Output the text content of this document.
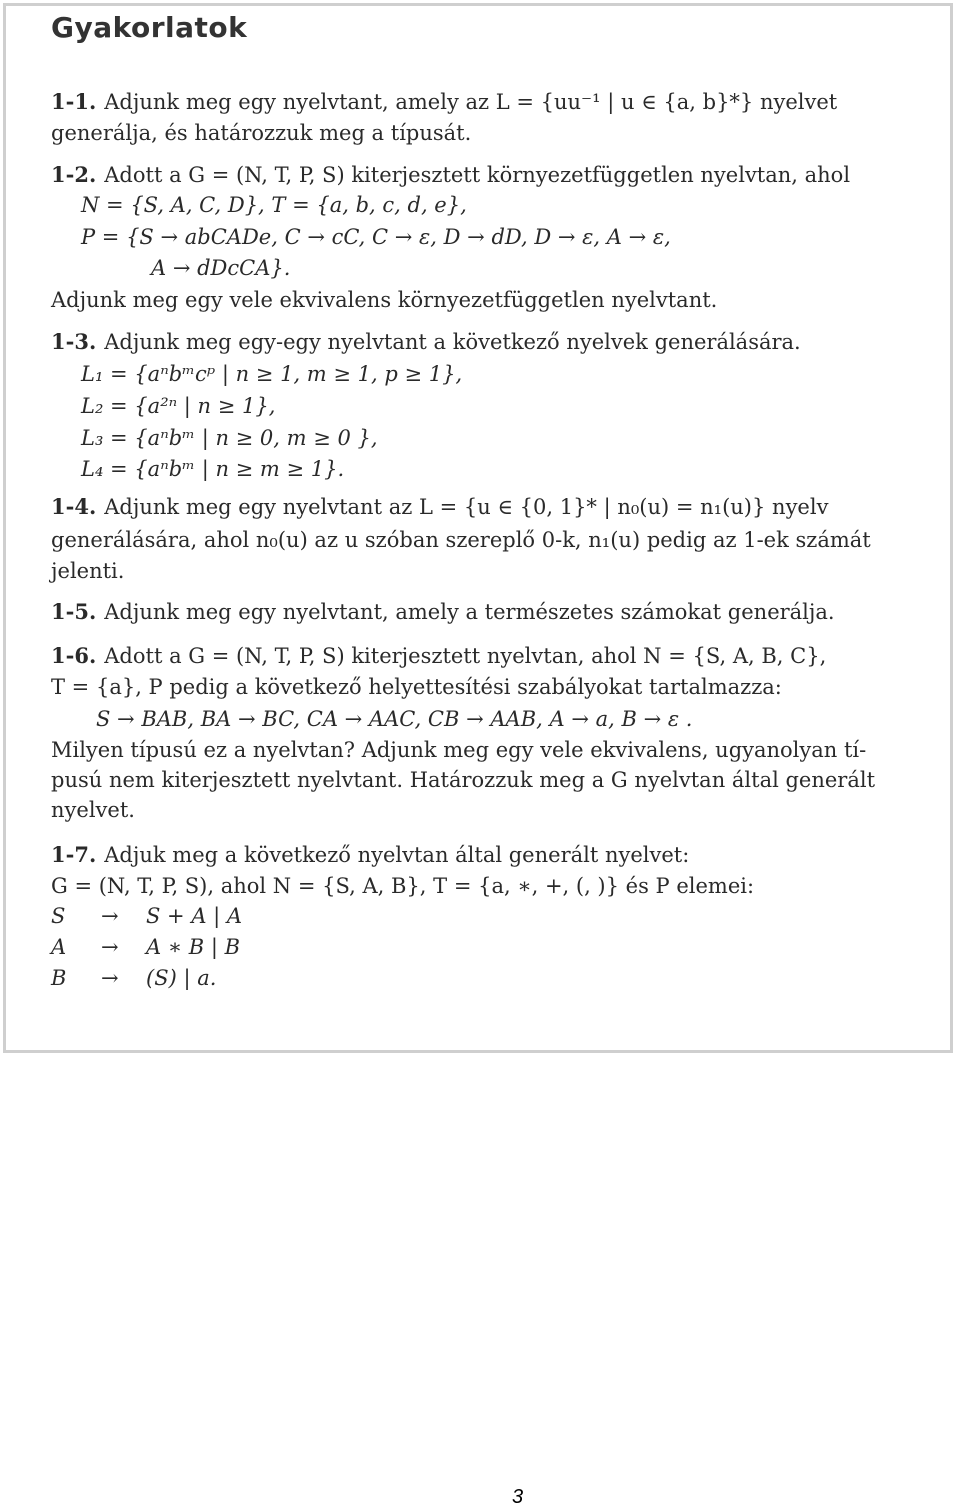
Gyakorlatok
1-1. Adjunk meg egy nyelvtant, amely az L = {uu⁻¹ | u ∈ {a, b}*} nyelvet
generálja, és határozzuk meg a típusát.
1-2. Adott a G = (N, T, P, S) kiterjesztett környezetfüggetlen nyelvtan, ahol
N = {S, A, C, D}, T = {a, b, c, d, e},
P = {S → abCADe, C → cC, C → ε, D → dD, D → ε, A → ε,
A → dDcCA}.
Adjunk meg egy vele ekvivalens környezetfüggetlen nyelvtant.
1-3. Adjunk meg egy-egy nyelvtant a következő nyelvek generálására.
L₁ = {aⁿbᵐcᵖ | n ≥ 1, m ≥ 1, p ≥ 1},
L₂ = {a²ⁿ | n ≥ 1},
L₃ = {aⁿbᵐ | n ≥ 0, m ≥ 0 },
L₄ = {aⁿbᵐ | n ≥ m ≥ 1}.
1-4. Adjunk meg egy nyelvtant az L = {u ∈ {0, 1}* | n₀(u) = n₁(u)} nyelv
generálására, ahol n₀(u) az u szóban szereplő 0-k, n₁(u) pedig az 1-ek számát
jelenti.
1-5. Adjunk meg egy nyelvtant, amely a természetes számokat generálja.
1-6. Adott a G = (N, T, P, S) kiterjesztett nyelvtan, ahol N = {S, A, B, C},
T = {a}, P pedig a következő helyettesítési szabályokat tartalmazza:
S → BAB, BA → BC, CA → AAC, CB → AAB, A → a, B → ε .
Milyen típusú ez a nyelvtan? Adjunk meg egy vele ekvivalens, ugyanolyan tí-
pusú nem kiterjesztett nyelvtant. Határozzuk meg a G nyelvtan által generált
nyelvet.
1-7. Adjuk meg a következő nyelvtan által generált nyelvet:
G = (N, T, P, S), ahol N = {S, A, B}, T = {a, ∗, +, (, )} és P elemei:
S → S + A | A
A → A ∗ B | B
B → (S) | a.
3
